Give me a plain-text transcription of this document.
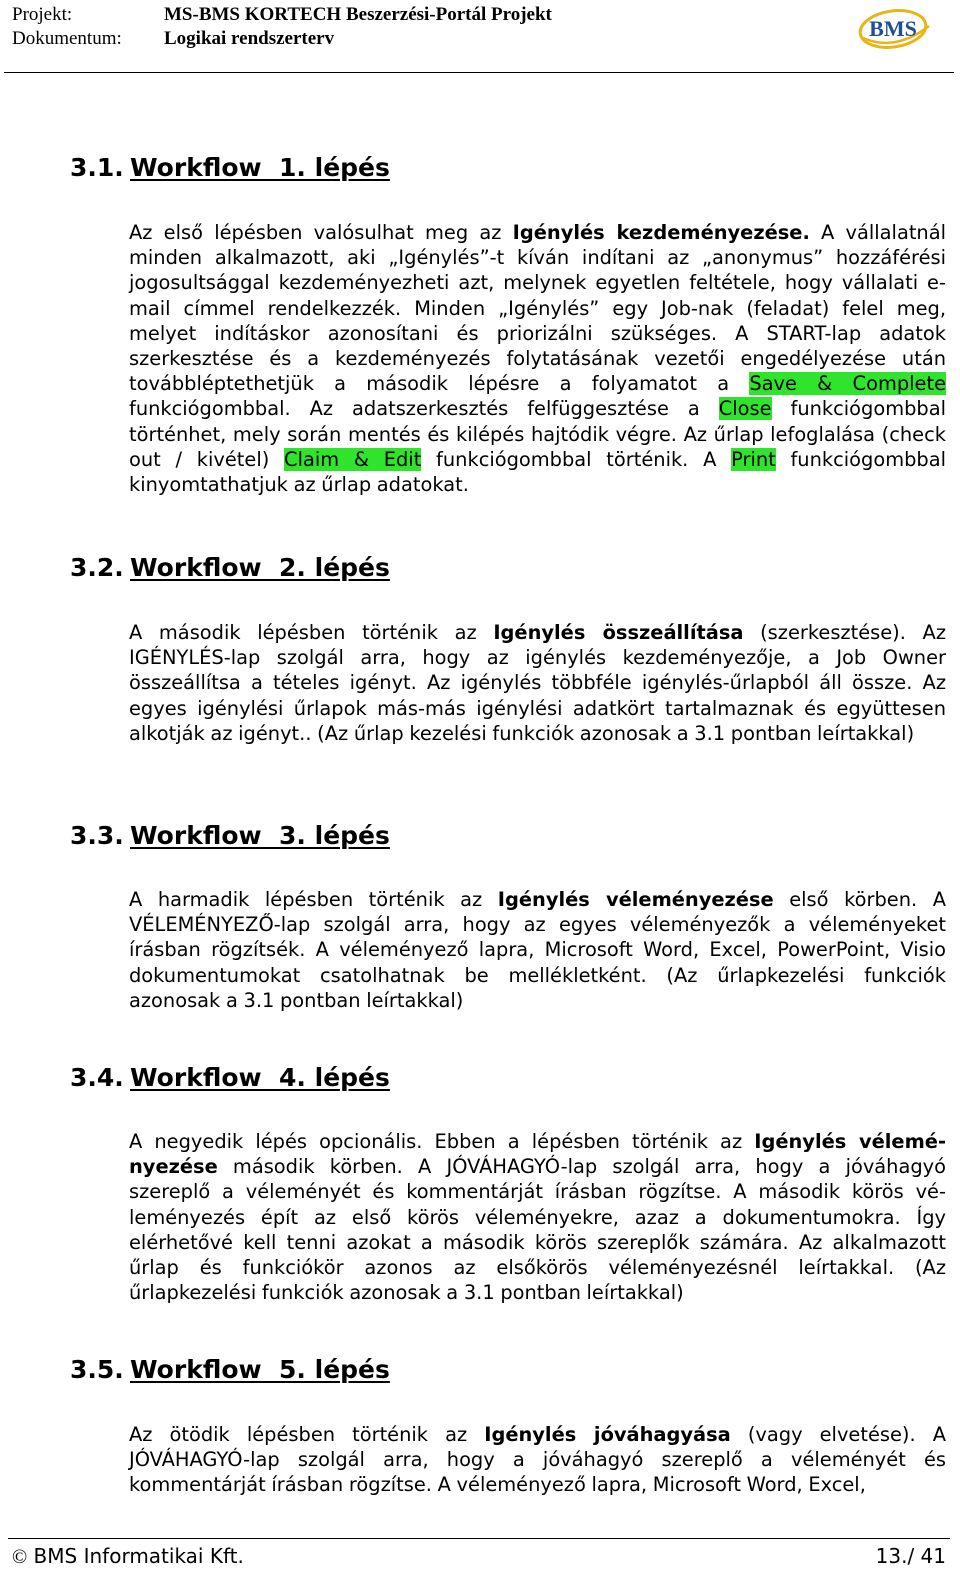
Projekt:	MS-BMS KORTECH Beszerzési-Portál Projekt
Dokumentum: Logikai rendszerterv	BMS
3.1. Workflow  1. lépés

Az első lépésben valósulhat meg az Igénylés kezdeményezése. A vállalatnál minden alkalmazott, aki „Igénylés”-t kíván indítani az „anonymus” hozzáférési jogosultsággal kezdeményezheti azt, melynek egyetlen feltétele, hogy vállalati e-mail címmel rendelkezzék. Minden „Igénylés” egy Job-nak (feladat) felel meg, melyet indításkor azonosítani és priorizálni szükséges. A START-lap adatok szerkesztése és a kezdeményezés folytatásának vezetői engedélyezése után továbbléptethetjük a második lépésre a folyamatot a Save & Complete funkciógombbal. Az adatszerkesztés felfüggesztése a Close funkciógombbal történhet, mely során mentés és kilépés hajtódik végre. Az űrlap lefoglalása (check out / kivétel) Claim & Edit funkciógombbal történik. A Print funkciógombbal kinyomtathatjuk az űrlap adatokat.

3.2. Workflow  2. lépés

A második lépésben történik az Igénylés összeállítása (szerkesztése). Az IGÉNYLÉS-lap szolgál arra, hogy az igénylés kezdeményezője, a Job Owner összeállítsa a tételes igényt. Az igénylés többféle igénylés-űrlapból áll össze. Az egyes igénylési űrlapok más-más igénylési adatkört tartalmaznak és együttesen alkotják az igényt.. (Az űrlap kezelési funkciók azonosak a 3.1 pontban leírtakkal)

3.3. Workflow  3. lépés

A harmadik lépésben történik az Igénylés véleményezése első körben. A VÉLEMÉNYEZŐ-lap szolgál arra, hogy az egyes véleményezők a véleményeket írásban rögzítsék. A véleményező lapra, Microsoft Word, Excel, PowerPoint, Visio dokumentumokat csatolhatnak be mellékletként. (Az űrlapkezelési funkciók azonosak a 3.1 pontban leírtakkal)

3.4. Workflow  4. lépés

A negyedik lépés opcionális. Ebben a lépésben történik az Igénylés véleményezése második körben. A JÓVÁHAGYÓ-lap szolgál arra, hogy a jóváhagyó szereplő a véleményét és kommentárját írásban rögzítse. A második körös véleményezés épít az első körös véleményekre, azaz a dokumentumokra. Így elérhetővé kell tenni azokat a második körös szereplők számára. Az alkalmazott űrlap és funkciókör azonos az elsőkörös véleményezésnél leírtakkal. (Az űrlapkezelési funkciók azonosak a 3.1 pontban leírtakkal)

3.5. Workflow  5. lépés

Az ötödik lépésben történik az Igénylés jóváhagyása (vagy elvetése). A JÓVÁHAGYÓ-lap szolgál arra, hogy a jóváhagyó szereplő a véleményét és kommentárját írásban rögzítse. A véleményező lapra, Microsoft Word, Excel,

© BMS Informatikai Kft.	13./ 41
